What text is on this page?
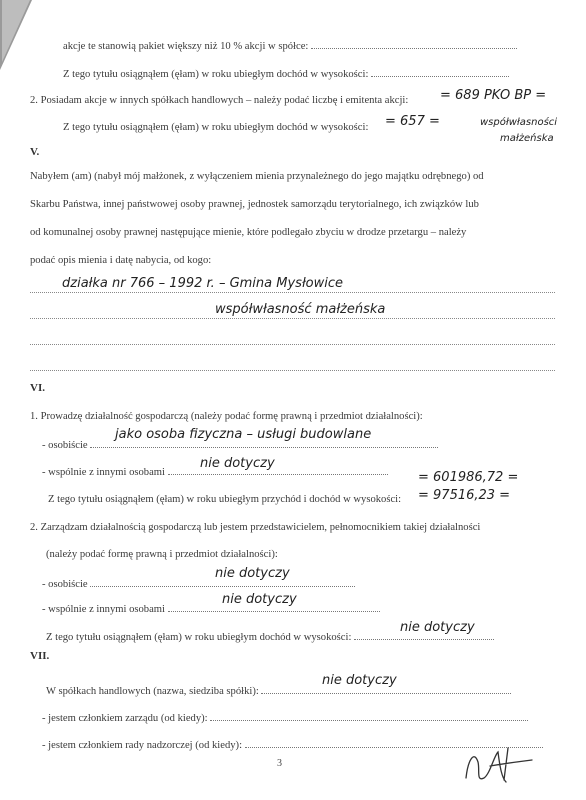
akcje te stanowią pakiet większy niż 10 % akcji w spółce:
Z tego tytułu osiągnąłem (ęłam) w roku ubiegłym dochód w wysokości:
2. Posiadam akcje w innych spółkach handlowych – należy podać liczbę i emitenta akcji: = 689 PKO BP =
Z tego tytułu osiągnąłem (ęłam) w roku ubiegłym dochód w wysokości: = 657 =	współwłasności
małżeńska
V.
Nabyłem (am) (nabył mój małżonek, z wyłączeniem mienia przynależnego do jego majątku odrębnego) od
Skarbu Państwa, innej państwowej osoby prawnej, jednostek samorządu terytorialnego, ich związków lub
od komunalnej osoby prawnej następujące mienie, które podlegało zbyciu w drodze przetargu – należy
podać opis mienia i datę nabycia, od kogo:
działka nr 766 – 1992 r. – Gmina Mysłowice
współwłasność małżeńska
VI.
1. Prowadzę działalność gospodarczą (należy podać formę prawną i przedmiot działalności):
- osobiście
jako osoba fizyczna – usługi budowlane
- wspólnie z innymi osobami
nie dotyczy
= 601986,72 =
Z tego tytułu osiągnąłem (ęłam) w roku ubiegłym przychód i dochód w wysokości: = 97516,23 =
2. Zarządzam działalnością gospodarczą lub jestem przedstawicielem, pełnomocnikiem takiej działalności
(należy podać formę prawną i przedmiot działalności):
- osobiście
nie dotyczy
- wspólnie z innymi osobami
nie dotyczy
Z tego tytułu osiągnąłem (ęłam) w roku ubiegłym dochód w wysokości:
nie dotyczy
VII.
W spółkach handlowych (nazwa, siedziba spółki):
nie dotyczy
- jestem członkiem zarządu (od kiedy):
- jestem członkiem rady nadzorczej (od kiedy):
3
